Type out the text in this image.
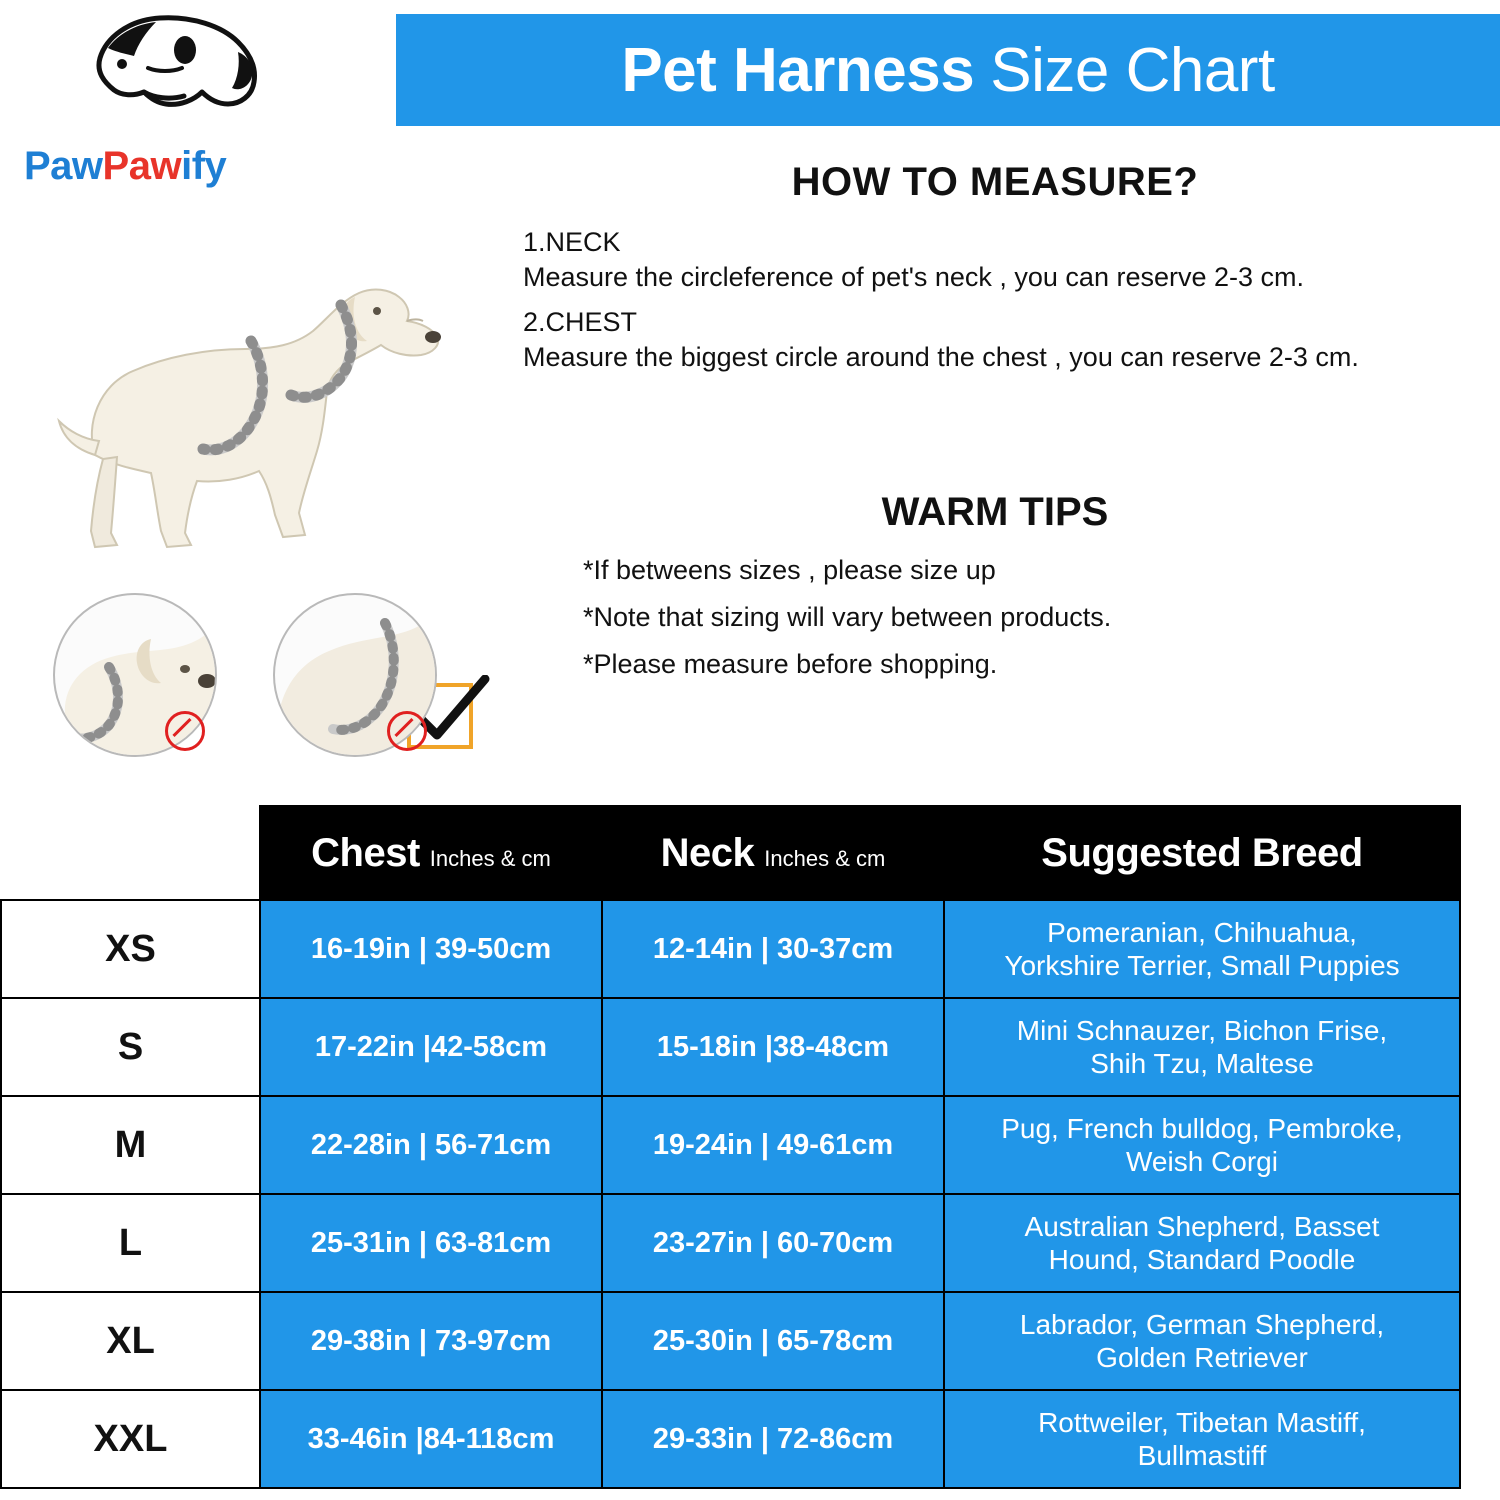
Pet Harness Size Chart
PawPawify	HOW TO MEASURE?
1.NECK
Measure the circleference of pet's neck , you can reserve 2-3 cm.
2.CHEST
Measure the biggest circle around the chest , you can reserve 2-3 cm.
WARM TIPS
*If betweens sizes , please size up
*Note that sizing will vary between products.
*Please measure before shopping.
	Chest Inches & cm	Neck Inches & cm	Suggested Breed
XS	16-19in | 39-50cm	12-14in | 30-37cm	Pomeranian, Chihuahua,
Yorkshire Terrier, Small Puppies

S	17-22in |42-58cm	15-18in |38-48cm	Mini Schnauzer, Bichon Frise,
Shih Tzu, Maltese

M	22-28in | 56-71cm	19-24in | 49-61cm	Pug, French bulldog, Pembroke,
Weish Corgi

L	25-31in | 63-81cm	23-27in | 60-70cm	Australian Shepherd, Basset
Hound, Standard Poodle

XL	29-38in | 73-97cm	25-30in | 65-78cm	Labrador, German Shepherd,
Golden Retriever

XXL	33-46in |84-118cm	29-33in | 72-86cm	Rottweiler, Tibetan Mastiff,
Bullmastiff
